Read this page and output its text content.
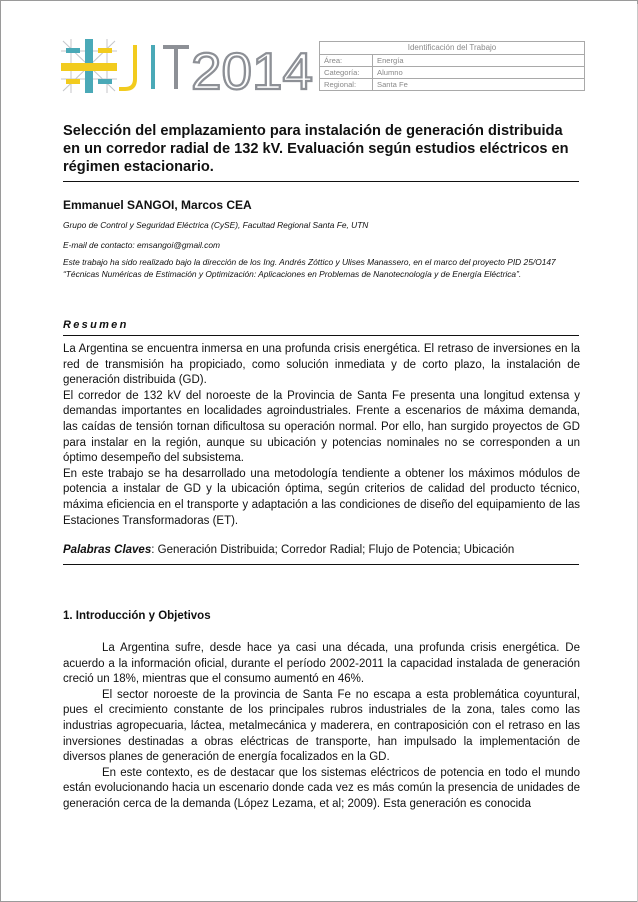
2014	Identificación del Trabajo	
Área:	Energía
Categoría:	Alumno
Regional:	Santa Fe
Selección del emplazamiento para instalación de generación distribuida en un corredor radial de 132 kV. Evaluación según estudios eléctricos en régimen estacionario.
Emmanuel SANGOI, Marcos CEA
Grupo de Control y Seguridad Eléctrica (CySE), Facultad Regional Santa Fe, UTN
E-mail de contacto: emsangoi@gmail.com
Este trabajo ha sido realizado bajo la dirección de los Ing. Andrés Zóttico y Ulises Manassero, en el marco del proyecto PID 25/O147 “Técnicas Numéricas de Estimación y Optimización: Aplicaciones en Problemas de Nanotecnología y de Energía Eléctrica”.
Resumen

La Argentina se encuentra inmersa en una profunda crisis energética. El retraso de inversiones en la red de transmisión ha propiciado, como solución inmediata y de corto plazo, la instalación de generación distribuida (GD).

El corredor de 132 kV del noroeste de la Provincia de Santa Fe presenta una longitud extensa y demandas importantes en localidades agroindustriales. Frente a escenarios de máxima demanda, las caídas de tensión tornan dificultosa su operación normal. Por ello, han surgido proyectos de GD para instalar en la región, aunque su ubicación y potencias nominales no se corresponden a un óptimo desempeño del subsistema.

En este trabajo se ha desarrollado una metodología tendiente a obtener los máximos módulos de potencia a instalar de GD y la ubicación óptima, según criterios de calidad del producto técnico, máxima eficiencia en el transporte y adaptación a las condiciones de diseño del equipamiento de las Estaciones Transformadoras (ET).

Palabras Claves: Generación Distribuida; Corredor Radial; Flujo de Potencia; Ubicación
1. Introducción y Objetivos

La Argentina sufre, desde hace ya casi una década, una profunda crisis energética. De acuerdo a la información oficial, durante el período 2002-2011 la capacidad instalada de generación creció un 18%, mientras que el consumo aumentó en 46%.

El sector noroeste de la provincia de Santa Fe no escapa a esta problemática coyuntural, pues el crecimiento constante de los principales rubros industriales de la zona, tales como las industrias agropecuaria, láctea, metalmecánica y maderera, en contraposición con el retraso en las inversiones destinadas a obras eléctricas de transporte, han impulsado la implementación de diversos planes de generación de energía focalizados en la GD.

En este contexto, es de destacar que los sistemas eléctricos de potencia en todo el mundo están evolucionando hacia un escenario donde cada vez es más común la presencia de unidades de generación cerca de la demanda (López Lezama, et al; 2009). Esta generación es conocida
